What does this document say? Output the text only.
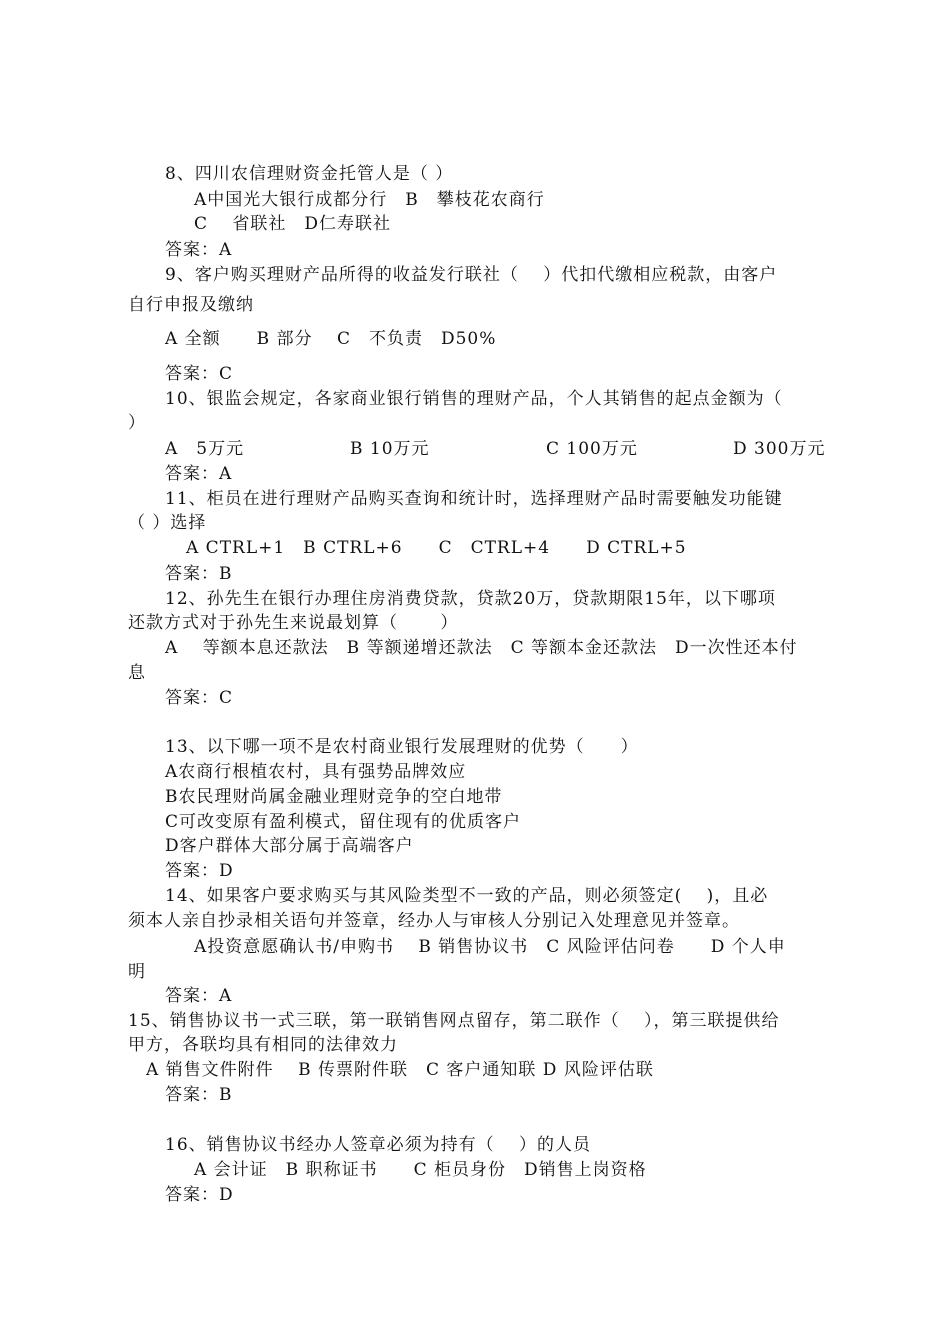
8、四川农信理财资金托管人是（ ）
A中国光大银行成都分行　B　攀枝花农商行
C　 省联社　D仁寿联社
答案：A
9、客户购买理财产品所得的收益发行联社（　 ）代扣代缴相应税款，由客户
自行申报及缴纳
A 全额　　B 部分　 C　不负责　D50%
答案：C
10、银监会规定，各家商业银行销售的理财产品，个人其销售的起点金额为（
）
A　5万元	B 10万元	C 100万元	D 300万元
答案：A
11、柜员在进行理财产品购买查询和统计时，选择理财产品时需要触发功能键
（ ）选择
A CTRL+1　B CTRL+6　　C　CTRL+4　　D CTRL+5
答案：B
12、孙先生在银行办理住房消费贷款，贷款20万，贷款期限15年，以下哪项
还款方式对于孙先生来说最划算（　　 ）
A　 等额本息还款法　B 等额递增还款法　C 等额本金还款法　D一次性还本付
息
答案：C
13、以下哪一项不是农村商业银行发展理财的优势（　　）
A农商行根植农村，具有强势品牌效应
B农民理财尚属金融业理财竞争的空白地带
C可改变原有盈利模式，留住现有的优质客户
D客户群体大部分属于高端客户
答案：D
14、如果客户要求购买与其风险类型不一致的产品，则必须签定(　 )，且必
须本人亲自抄录相关语句并签章，经办人与审核人分别记入处理意见并签章。
A投资意愿确认书/申购书　 B 销售协议书　C 风险评估问卷　　D 个人申
明
答案：A
15、销售协议书一式三联，第一联销售网点留存，第二联作（　 ），第三联提供给
甲方，各联均具有相同的法律效力
A 销售文件附件　 B 传票附件联　C 客户通知联 D 风险评估联
答案：B
16、销售协议书经办人签章必须为持有（　 ）的人员
A 会计证　B 职称证书　　C 柜员身份　D销售上岗资格
答案：D
